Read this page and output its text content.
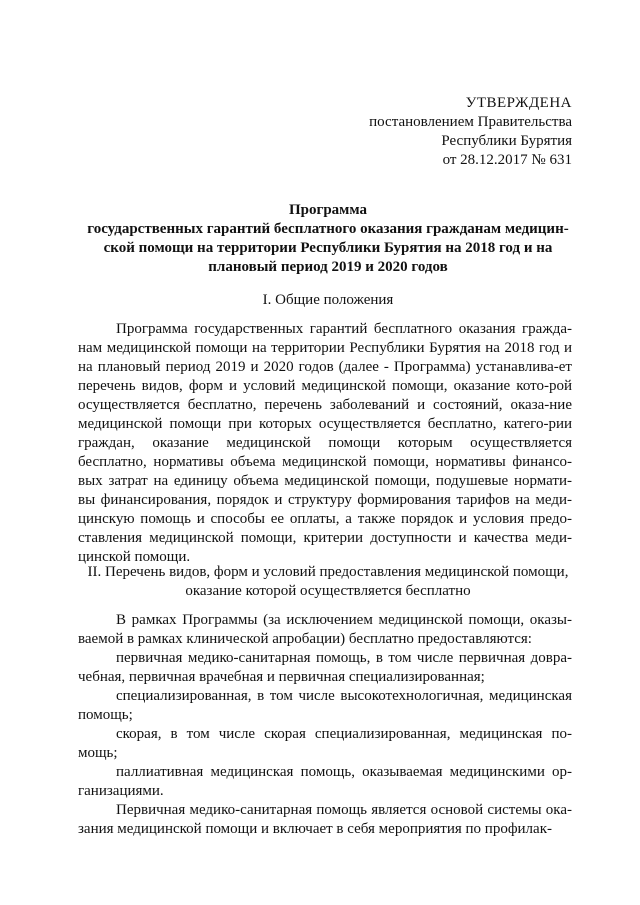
УТВЕРЖДЕНА
постановлением Правительства
Республики Бурятия
от 28.12.2017 № 631
Программа
государственных гарантий бесплатного оказания гражданам медицин-
ской помощи на территории Республики Бурятия на 2018 год и на
плановый период 2019 и 2020 годов
I. Общие положения

Программа государственных гарантий бесплатного оказания граждa-нам медицинской помощи на территории Республики Бурятия на 2018 год и на плановый период 2019 и 2020 годов (далее - Программа) устанавлива-ет перечень видов, форм и условий медицинской помощи, оказание кото-рой осуществляется бесплатно, перечень заболеваний и состояний, оказа-ние медицинской помощи при которых осуществляется бесплатно, катего-рии граждан, оказание медицинской помощи которым осуществляется бесплатно, нормативы объема медицинской помощи, нормативы финансо-вых затрат на единицу объема медицинской помощи, подушевые нормати-вы финансирования, порядок и структуру формирования тарифов на меди-цинскую помощь и способы ее оплаты, а также порядок и условия предо-ставления медицинской помощи, критерии доступности и качества меди-цинской помощи.

II. Перечень видов, форм и условий предоставления медицинской помощи,
оказание которой осуществляется бесплатно

В рамках Программы (за исключением медицинской помощи, оказы-ваемой в рамках клинической апробации) бесплатно предоставляются:

первичная медико-санитарная помощь, в том числе первичная довра-чебная, первичная врачебная и первичная специализированная;

специализированная, в том числе высокотехнологичная, медицинская помощь;

скорая, в том числе скорая специализированная, медицинская по-мощь;

паллиативная медицинская помощь, оказываемая медицинскими ор-ганизациями.

Первичная медико-санитарная помощь является основой системы ока-зания медицинской помощи и включает в себя мероприятия по профилак-
